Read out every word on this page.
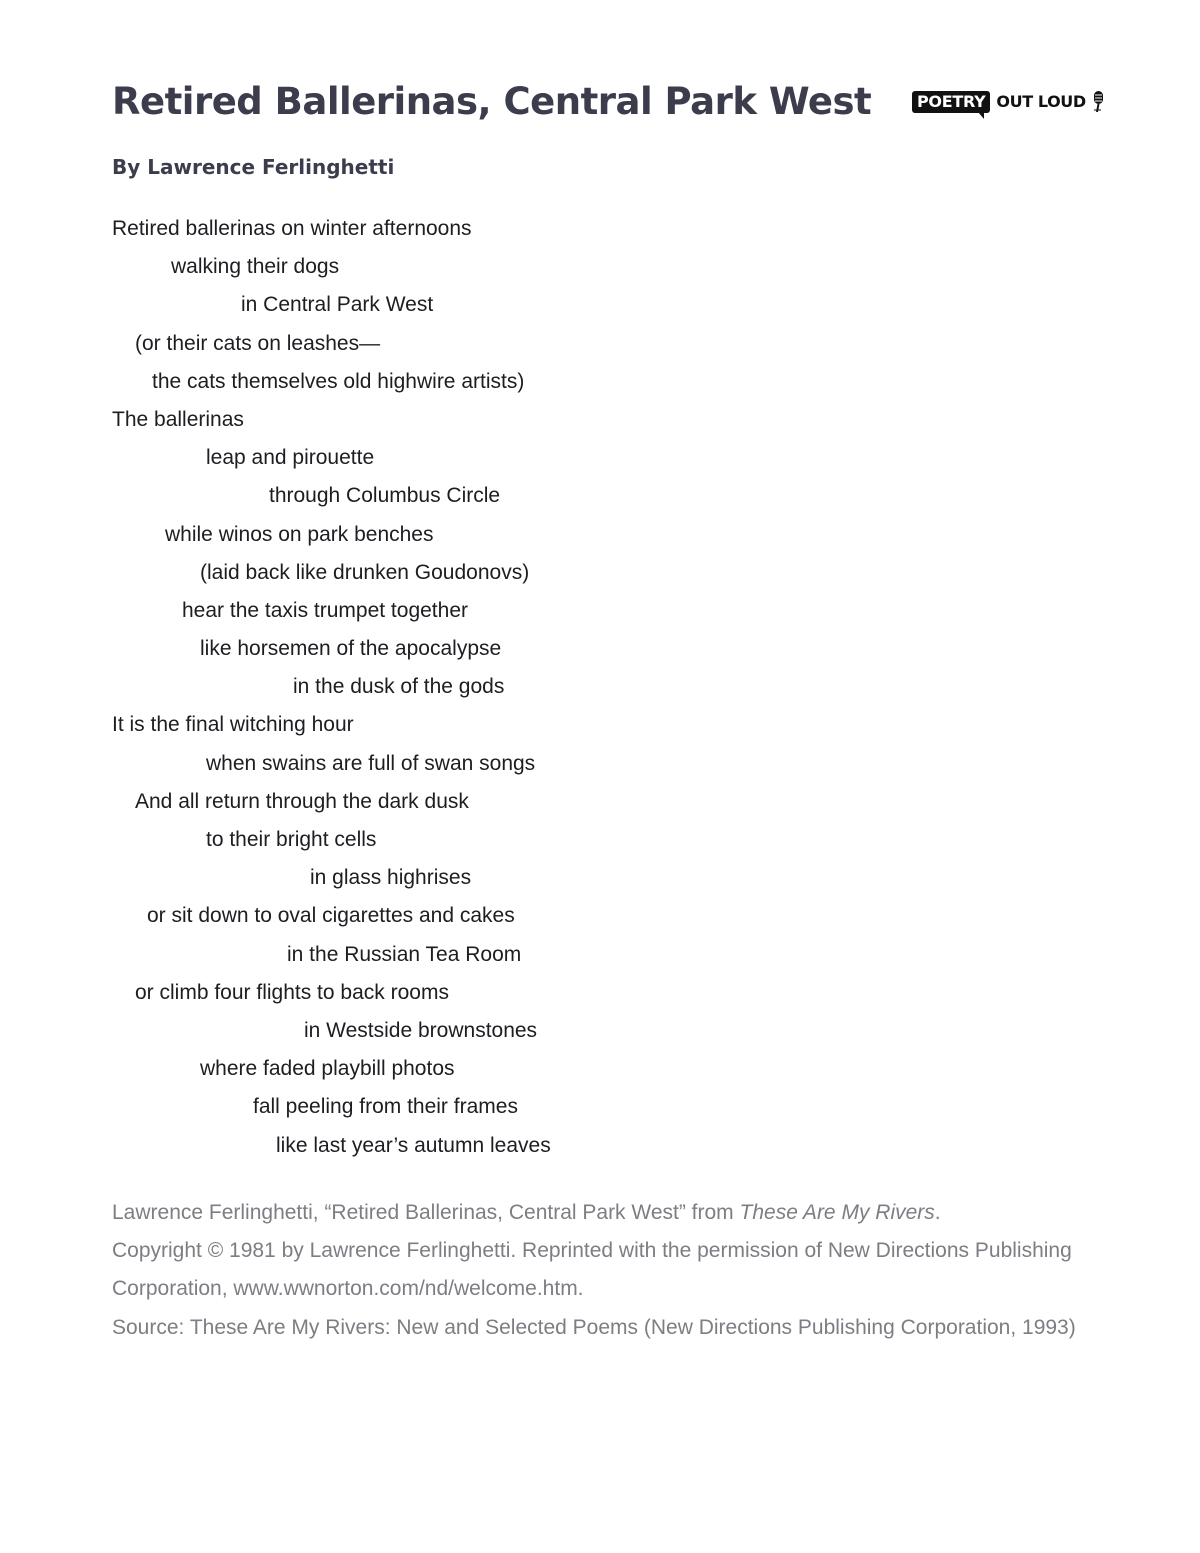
Retired Ballerinas, Central Park West	POETRY OUT LOUD

By Lawrence Ferlinghetti

Retired ballerinas on winter afternoons
walking their dogs
in Central Park West
(or their cats on leashes—
the cats themselves old highwire artists)
The ballerinas
leap and pirouette
through Columbus Circle
while winos on park benches
(laid back like drunken Goudonovs)
hear the taxis trumpet together
like horsemen of the apocalypse
in the dusk of the gods
It is the final witching hour
when swains are full of swan songs
And all return through the dark dusk
to their bright cells
in glass highrises
or sit down to oval cigarettes and cakes
in the Russian Tea Room
or climb four flights to back rooms
in Westside brownstones
where faded playbill photos
fall peeling from their frames
like last year’s autumn leaves

Lawrence Ferlinghetti, “Retired Ballerinas, Central Park West” from These Are My Rivers.

Copyright © 1981 by Lawrence Ferlinghetti. Reprinted with the permission of New Directions Publishing Corporation, www.wwnorton.com/nd/welcome.htm.

Source: These Are My Rivers: New and Selected Poems (New Directions Publishing Corporation, 1993)
